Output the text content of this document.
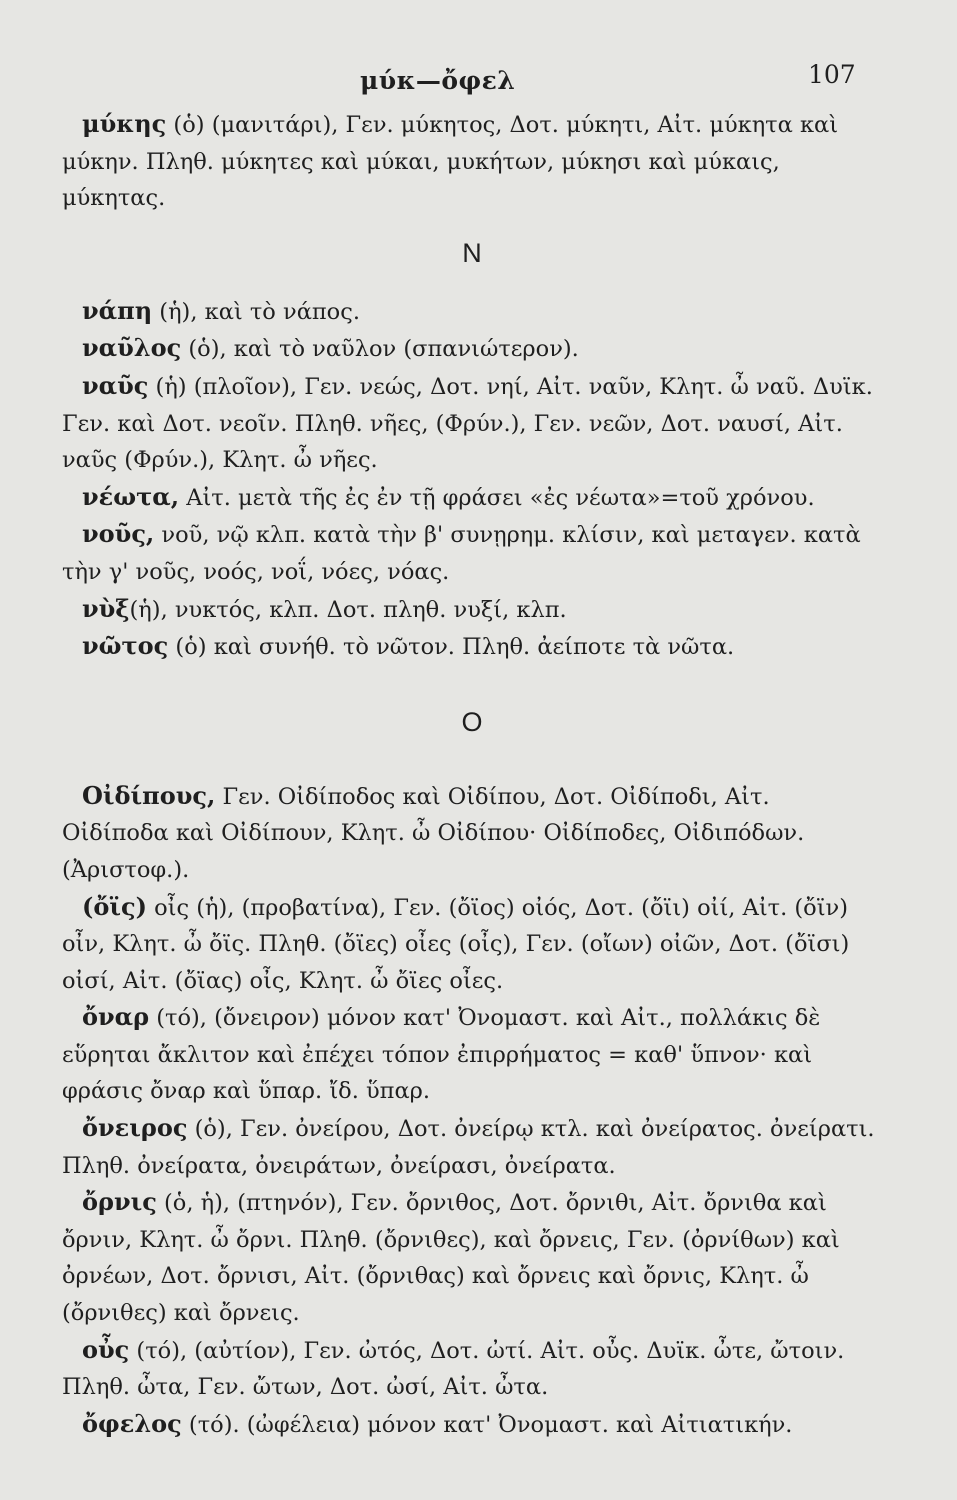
μύκ—ὄφελ	107

μύκης (ὁ) (μανιτάρι), Γεν. μύκητος, Δοτ. μύκητι, Αἰτ. μύκητα καὶ μύκην. Πληθ. μύκητες καὶ μύκαι, μυκήτων, μύκησι καὶ μύκαις, μύκητας.

Ν

νάπη (ἡ), καὶ τὸ νάπος.

ναῦλος (ὁ), καὶ τὸ ναῦλον (σπανιώτερον).

ναῦς (ἡ) (πλοῖον), Γεν. νεώς, Δοτ. νηί, Αἰτ. ναῦν, Κλητ. ὦ ναῦ. Δυϊκ. Γεν. καὶ Δοτ. νεοῖν. Πληθ. νῆες, (Φρύν.), Γεν. νεῶν, Δοτ. ναυσί, Αἰτ. ναῦς (Φρύν.), Κλητ. ὦ νῆες.

νέωτα, Αἰτ. μετὰ τῆς ἐς ἐν τῇ φράσει «ἐς νέωτα»=τοῦ χρόνου.

νοῦς, νοῦ, νῷ κλπ. κατὰ τὴν β' συνῃρημ. κλίσιν, καὶ μεταγεν. κατὰ τὴν γ' νοῦς, νοός, νοΐ, νόες, νόας.

νὺξ(ἡ), νυκτός, κλπ. Δοτ. πληθ. νυξί, κλπ.

νῶτος (ὁ) καὶ συνήθ. τὸ νῶτον. Πληθ. ἀείποτε τὰ νῶτα.

Ο

Οἰδίπους, Γεν. Οἰδίποδος καὶ Οἰδίπου, Δοτ. Οἰδίποδι, Αἰτ. Οἰδίποδα καὶ Οἰδίπουν, Κλητ. ὦ Οἰδίπου· Οἰδίποδες, Οἰδιπόδων. (Ἀριστοφ.).

(ὄϊς) οἶς (ἡ), (προβατίνα), Γεν. (ὄϊος) οἰός, Δοτ. (ὄϊι) οἰί, Αἰτ. (ὄϊν) οἶν, Κλητ. ὦ ὄϊς. Πληθ. (ὄϊες) οἶες (οἶς), Γεν. (οἴων) οἰῶν, Δοτ. (ὄϊσι) οἰσί, Αἰτ. (ὄϊας) οἶς, Κλητ. ὦ ὄϊες οἶες.

ὄναρ (τό), (ὄνειρον) μόνον κατ' Ὀνομαστ. καὶ Αἰτ., πολλάκις δὲ εὕρηται ἄκλιτον καὶ ἐπέχει τόπον ἐπιρρήματος = καθ' ὕπνον· καὶ φράσις ὄναρ καὶ ὕπαρ. ἴδ. ὕπαρ.

ὄνειρος (ὁ), Γεν. ὀνείρου, Δοτ. ὀνείρῳ κτλ. καὶ ὀνείρατος. ὀνείρατι. Πληθ. ὀνείρατα, ὀνειράτων, ὀνείρασι, ὀνείρατα.

ὄρνις (ὁ, ἡ), (πτηνόν), Γεν. ὄρνιθος, Δοτ. ὄρνιθι, Αἰτ. ὄρνιθα καὶ ὄρνιν, Κλητ. ὦ ὄρνι. Πληθ. (ὄρνιθες), καὶ ὄρνεις, Γεν. (ὀρνίθων) καὶ ὀρνέων, Δοτ. ὄρνισι, Αἰτ. (ὄρνιθας) καὶ ὄρνεις καὶ ὄρνις, Κλητ. ὦ (ὄρνιθες) καὶ ὄρνεις.

οὖς (τό), (αὐτίον), Γεν. ὠτός, Δοτ. ὠτί. Αἰτ. οὖς. Δυϊκ. ὦτε, ὤτοιν. Πληθ. ὦτα, Γεν. ὤτων, Δοτ. ὠσί, Αἰτ. ὦτα.

ὄφελος (τό). (ὠφέλεια) μόνον κατ' Ὀνομαστ. καὶ Αἰτιατικήν.
